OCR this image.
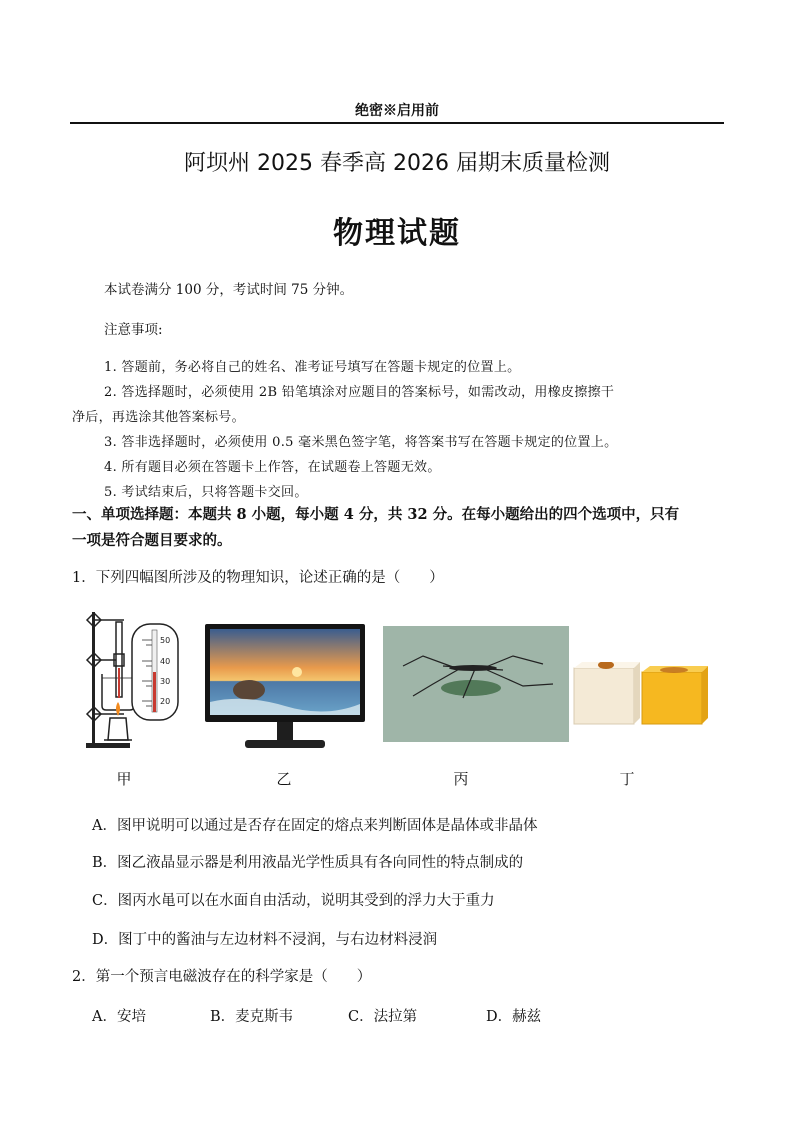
绝密※启用前
阿坝州 2025 春季高 2026 届期末质量检测
物理试题
本试卷满分 100 分，考试时间 75 分钟。
注意事项:
1. 答题前，务必将自己的姓名、准考证号填写在答题卡规定的位置上。
2. 答选择题时，必须使用 2B 铅笔填涂对应题目的答案标号，如需改动，用橡皮擦擦干
净后，再选涂其他答案标号。
3. 答非选择题时，必须使用 0.5 毫米黑色签字笔，将答案书写在答题卡规定的位置上。
4. 所有题目必须在答题卡上作答，在试题卷上答题无效。
5. 考试结束后，只将答题卡交回。
一、单项选择题：本题共 8 小题，每小题 4 分，共 32 分。在每小题给出的四个选项中，只有
一项是符合题目要求的。
1．下列四幅图所涉及的物理知识，论述正确的是（　　）
50
40
30
20
甲	乙	丙	丁
A．图甲说明可以通过是否存在固定的熔点来判断固体是晶体或非晶体
B．图乙液晶显示器是利用液晶光学性质具有各向同性的特点制成的
C．图丙水黾可以在水面自由活动，说明其受到的浮力大于重力
D．图丁中的酱油与左边材料不浸润，与右边材料浸润
2．第一个预言电磁波存在的科学家是（　　）
A．安培	B．麦克斯韦	C．法拉第	D．赫兹
